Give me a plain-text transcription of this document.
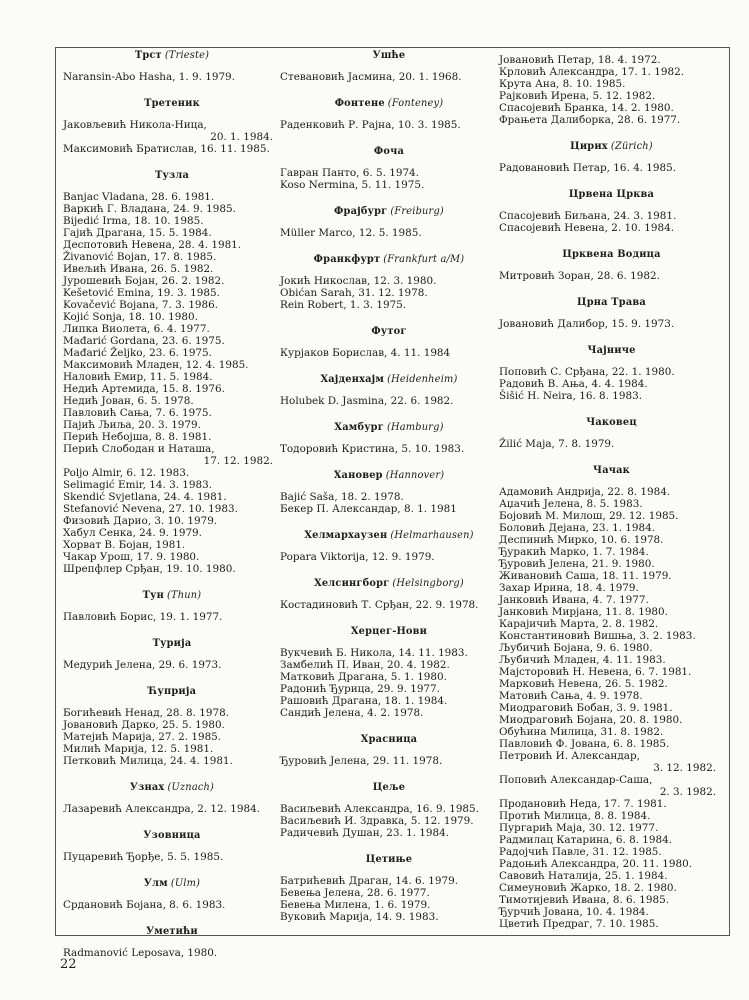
Трст (Trieste)
Naransin-Abo Hasha, 1. 9. 1979.
Третеник
Јаковљевић Никола-Ница,
20. 1. 1984.
Максимовић Братислав, 16. 11. 1985.
Тузла
Banjac Vladana, 28. 6. 1981.
Варкић Г. Владана, 24. 9. 1985.
Bijedić Irma, 18. 10. 1985.
Гајић Драгана, 15. 5. 1984.
Деспотовић Невена, 28. 4. 1981.
Živanović Bojan, 17. 8. 1985.
Ивељић Ивана, 26. 5. 1982.
Јурошевић Бојан, 26. 2. 1982.
Kešetović Emina, 19. 3. 1985.
Kovačević Bojana, 7. 3. 1986.
Kojić Sonja, 18. 10. 1980.
Липка Виолета, 6. 4. 1977.
Mađarić Gordana, 23. 6. 1975.
Mađarić Željko, 23. 6. 1975.
Максимовић Младен, 12. 4. 1985.
Наловић Емир, 11. 5. 1984.
Недић Артемида, 15. 8. 1976.
Недић Јован, 6. 5. 1978.
Павловић Сања, 7. 6. 1975.
Пајић Љиља, 20. 3. 1979.
Перић Небојша, 8. 8. 1981.
Перић Слободан и Наташа,
17. 12. 1982.
Poljo Almir, 6. 12. 1983.
Selimagić Emir, 14. 3. 1983.
Skendić Svjetlana, 24. 4. 1981.
Stefanović Nevena, 27. 10. 1983.
Физовић Дарио, 3. 10. 1979.
Хабул Сенка, 24. 9. 1979.
Хорват В. Бојан, 1981.
Чакар Урош, 17. 9. 1980.
Шрепфлер Срђан, 19. 10. 1980.
Тун (Thun)
Павловић Борис, 19. 1. 1977.
Турија
Медурић Јелена, 29. 6. 1973.
Ћуприја
Богићевић Ненад, 28. 8. 1978.
Јовановић Дарко, 25. 5. 1980.
Матејић Марија, 27. 2. 1985.
Милић Марија, 12. 5. 1981.
Петковић Милица, 24. 4. 1981.
Узнах (Uznach)
Лазаревић Александра, 2. 12. 1984.
Узовница
Пуцаревић Ђорђе, 5. 5. 1985.
Улм (Ulm)
Срдановић Бојана, 8. 6. 1983.
Уметићи
Radmanović Leposava, 1980.
Ушће
Стевановић Јасмина, 20. 1. 1968.
Фонтене (Fonteney)
Раденковић Р. Рајна, 10. 3. 1985.
Фоча
Гавран Панто, 6. 5. 1974.
Koso Nermina, 5. 11. 1975.
Фрајбург (Freiburg)
Müller Marco, 12. 5. 1985.
Франкфурт (Frankfurt a/M)
Јокић Никослав, 12. 3. 1980.
Obićan Sarah, 31. 12. 1978.
Rein Robert, 1. 3. 1975.
Футог
Курјаков Борислав, 4. 11. 1984
Хајденхајм (Heidenheim)
Holubek D. Jasmina, 22. 6. 1982.
Хамбург (Hamburg)
Тодоровић Кристина, 5. 10. 1983.
Хановер (Hannover)
Bajić Saša, 18. 2. 1978.
Бекер П. Александар, 8. 1. 1981
Хелмархаузен (Helmarhausen)
Popara Viktorija, 12. 9. 1979.
Хелсингборг (Helsingborg)
Костадиновић Т. Срђан, 22. 9. 1978.
Херцег-Нови
Вукчевић Б. Никола, 14. 11. 1983.
Замбелић П. Иван, 20. 4. 1982.
Матковић Драгана, 5. 1. 1980.
Радонић Ђурица, 29. 9. 1977.
Рашовић Драгана, 18. 1. 1984.
Сандић Јелена, 4. 2. 1978.
Храсница
Ђуровић Јелена, 29. 11. 1978.
Цеље
Васиљевић Александра, 16. 9. 1985.
Васиљевић И. Здравка, 5. 12. 1979.
Радичевић Душан, 23. 1. 1984.
Цетиње
Батрићевић Драган, 14. 6. 1979.
Бевења Јелена, 28. 6. 1977.
Бевења Милена, 1. 6. 1979.
Вуковић Марија, 14. 9. 1983.
Јовановић Петар, 18. 4. 1972.
Крловић Александра, 17. 1. 1982.
Крута Ана, 8. 10. 1985.
Рајковић Ирена, 5. 12. 1982.
Спасојевић Бранка, 14. 2. 1980.
Фрањета Далиборка, 28. 6. 1977.
Цирих (Zürich)
Радовановић Петар, 16. 4. 1985.
Црвена Црква
Спасојевић Биљана, 24. 3. 1981.
Спасојевић Невена, 2. 10. 1984.
Црквена Водица
Митровић Зоран, 28. 6. 1982.
Црна Трава
Јовановић Далибор, 15. 9. 1973.
Чајниче
Поповић С. Срђана, 22. 1. 1980.
Радовић В. Ања, 4. 4. 1984.
Šišić H. Neira, 16. 8. 1983.
Чаковец
Žilić Maja, 7. 8. 1979.
Чачак
Адамовић Андрија, 22. 8. 1984.
Аџачић Јелена, 8. 5. 1983.
Бојовић М. Милош, 29. 12. 1985.
Боловић Дејана, 23. 1. 1984.
Деспинић Мирко, 10. 6. 1978.
Ђуракић Марко, 1. 7. 1984.
Ђуровић Јелена, 21. 9. 1980.
Живановић Саша, 18. 11. 1979.
Захар Ирина, 18. 4. 1979.
Јанковић Ивана, 4. 7. 1977.
Јанковић Мирјана, 11. 8. 1980.
Карајичић Марта, 2. 8. 1982.
Константиновић Вишња, 3. 2. 1983.
Љубичић Бојана, 9. 6. 1980.
Љубичић Младен, 4. 11. 1983.
Мајсторовић Н. Невена, 6. 7. 1981.
Марковић Невена, 26. 5. 1982.
Матовић Сања, 4. 9. 1978.
Миодраговић Бобан, 3. 9. 1981.
Миодраговић Бојана, 20. 8. 1980.
Обућина Милица, 31. 8. 1982.
Павловић Ф. Јована, 6. 8. 1985.
Петровић И. Александар,
3. 12. 1982.
Поповић Александар-Саша,
2. 3. 1982.
Продановић Неда, 17. 7. 1981.
Протић Милица, 8. 8. 1984.
Пургарић Маја, 30. 12. 1977.
Радмилац Катарина, 6. 8. 1984.
Радојчић Павле, 31. 12. 1985.
Радоњић Александра, 20. 11. 1980.
Савовић Наталија, 25. 1. 1984.
Симеуновић Жарко, 18. 2. 1980.
Тимотијевић Ивана, 8. 6. 1985.
Ђурчић Јована, 10. 4. 1984.
Цветић Предраг, 7. 10. 1985.
22
